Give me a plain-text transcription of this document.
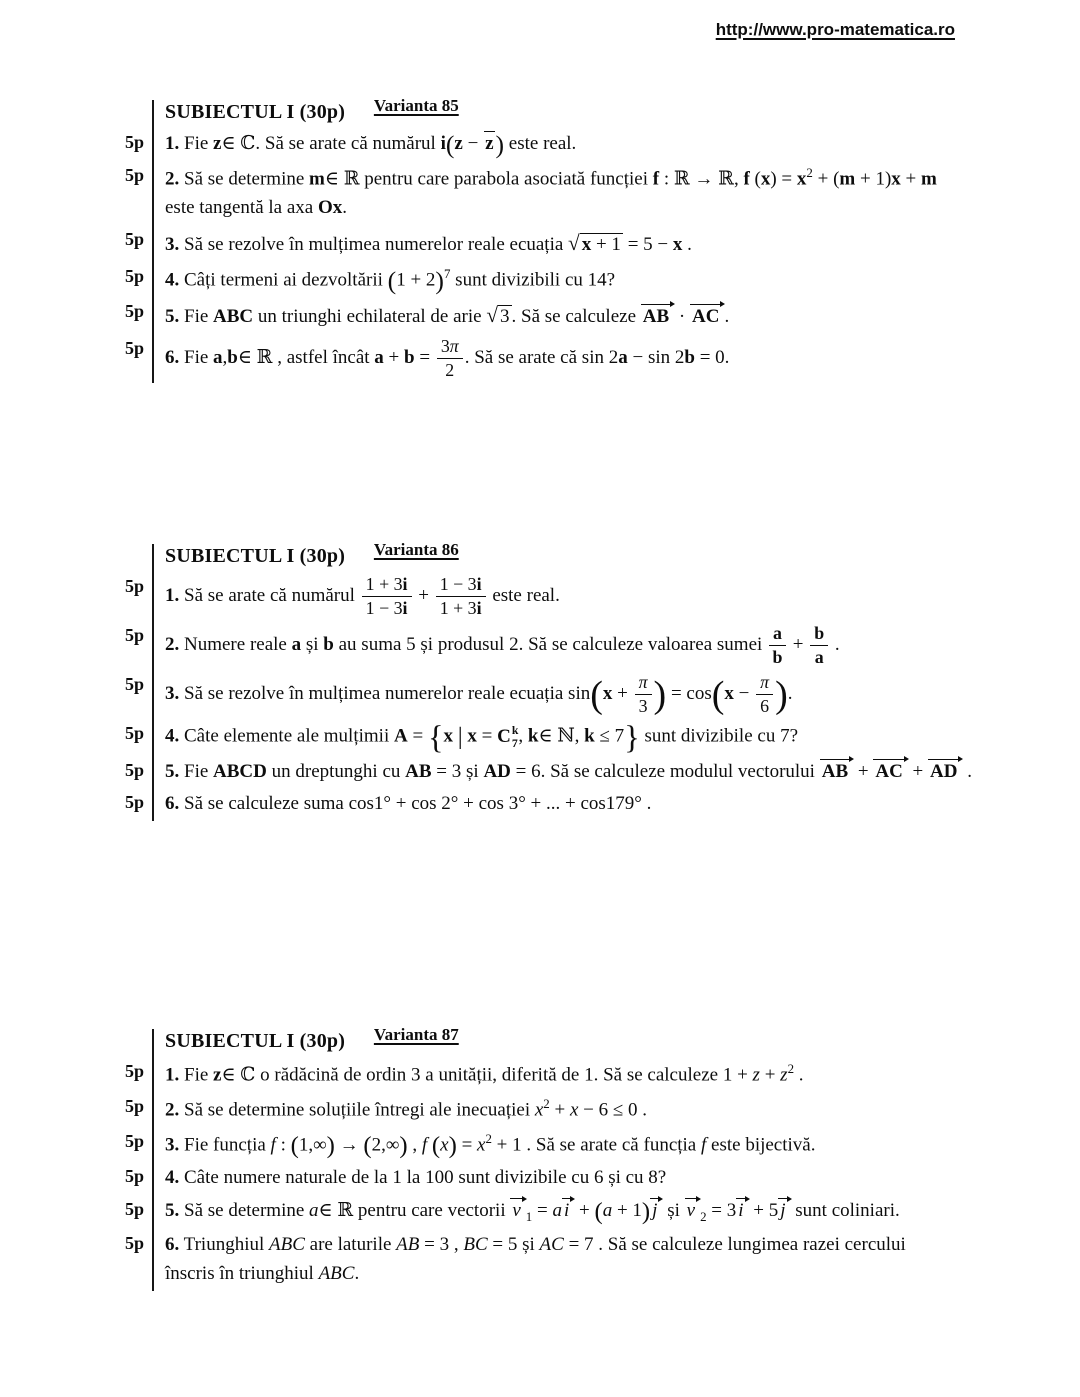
http://www.pro-matematica.ro
SUBIECTUL I (30p) Varianta 85
5p	1. Fie z∈ ℂ. Să se arate că numărul i(z − z) este real.
5p	2. Să se determine m∈ ℝ pentru care parabola asociată funcției f : ℝ → ℝ, f $(x) = x^2 + (m + 1)x + m$
este tangentă la axa Ox.
5p	3. Să se rezolve în mulțimea numerelor reale ecuația √ x + 1 = 5 − x .
5p	4. Câți termeni ai dezvoltării $(1 + 2)^7$ sunt divizibili cu 14?
5p	5. Fie ABC un triunghi echilateral de arie √ 3 . Să se calculeze AB · AC .
5p	6. Fie a,b∈ ℝ , astfel încât $a + b = \frac{3\pi}{2}$ . Să se arate că sin 2a − sin 2b = 0.
SUBIECTUL I (30p) Varianta 86
5p	1. Să se arate că numărul $\frac{1 + 3i}{1 - 3i} + \frac{1 - 3i}{1 + 3i}$ este real.
5p	2. Numere reale a și b au suma 5 și produsul 2. Să se calculeze valoarea sumei $\frac{a}{b} + \frac{b}{a}$ .
5p	3. Să se rezolve în mulțimea numerelor reale ecuația $\sin(x + \frac{\pi}{3}$ ) = $\cos(x - \frac{\pi}{6}$ ).
5p	4. Câte elemente ale mulțimii A = {x | x = C k
7 , k∈ ℕ, k ≤ 7} sunt divizibile cu 7?
5p	5. Fie ABCD un dreptunghi cu AB = 3 și AD = 6. Să se calculeze modulul vectorului AB + AC + AD .
5p	6. Să se calculeze suma cos1° + cos 2° + cos 3° + ... + cos179° .
SUBIECTUL I (30p) Varianta 87
5p	1. Fie z∈ ℂ o rădăcină de ordin 3 a unității, diferită de 1. Să se calculeze $1 + z + z^2$ .
5p	2. Să se determine soluțiile întregi ale inecuației $x^2 + x - 6 \le 0$ .
5p	3. Fie funcția f : (1,∞) → (2,∞) , f $(x) = x^2 + 1$ . Să se arate că funcția f este bijectivă.
5p	4. Câte numere naturale de la 1 la 100 sunt divizibile cu 6 și cu 8?
5p	5. Să se determine a∈ ℝ pentru care vectorii v $_1$ = a i + (a + 1) j și v $_2$ = 3 i + 5 j sunt coliniari.
5p	6. Triunghiul ABC are laturile AB = 3 , BC = 5 și AC = 7 . Să se calculeze lungimea razei cercului
înscris în triunghiul ABC.
